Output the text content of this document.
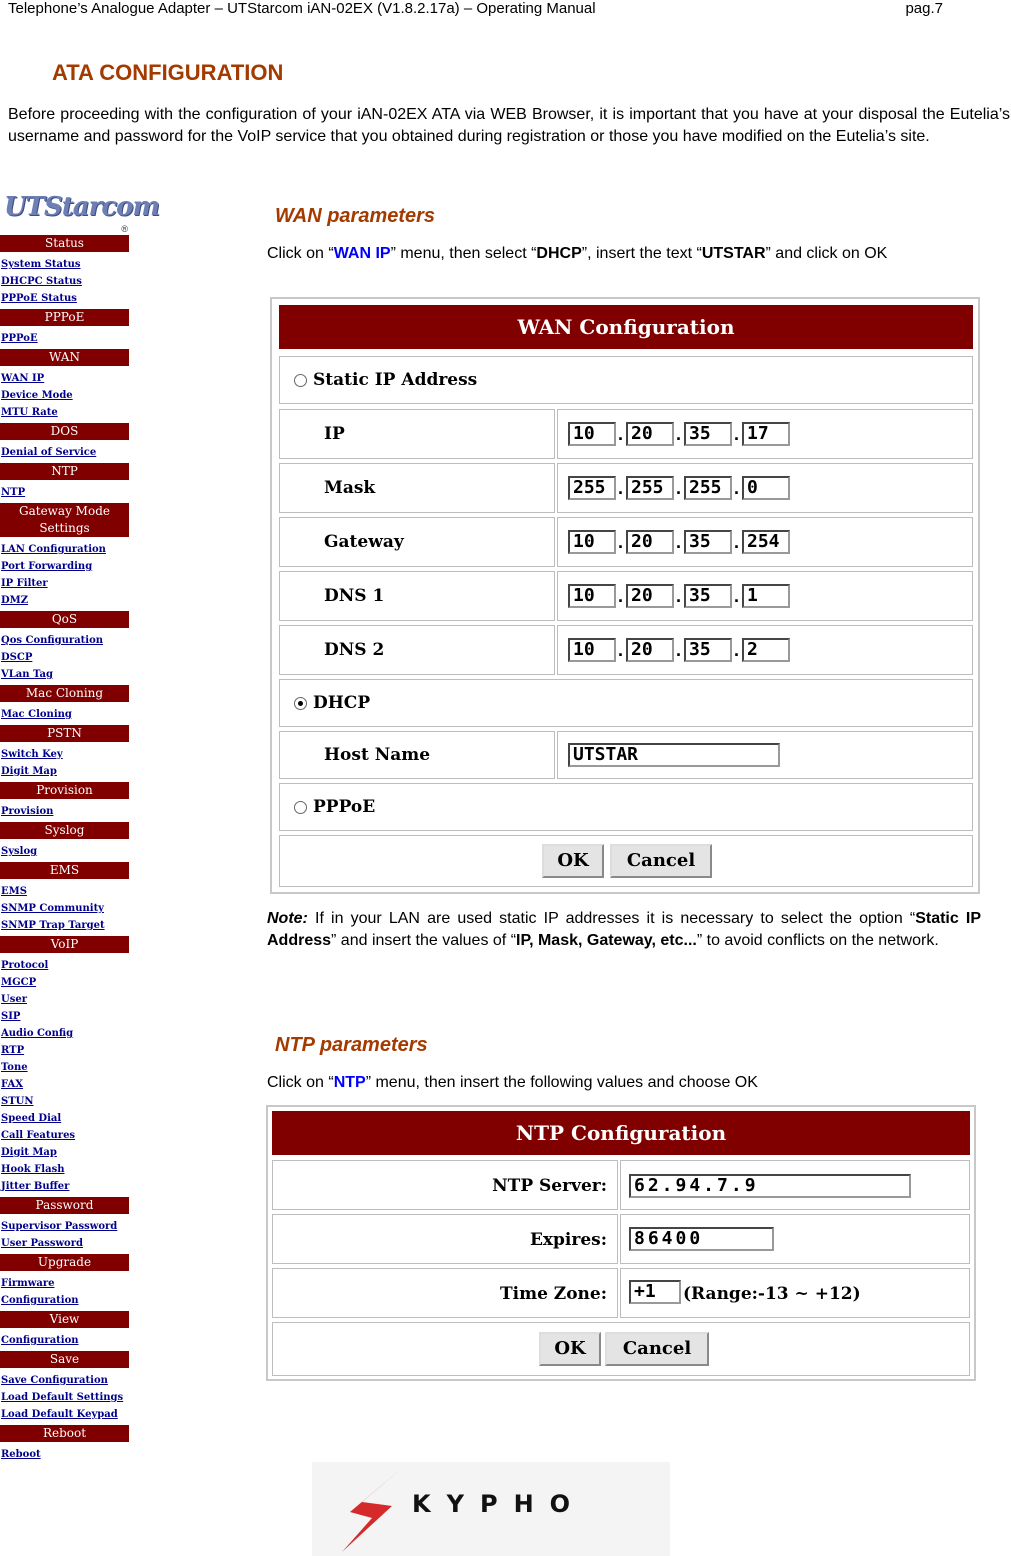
Telephone’s Analogue Adapter – UTStarcom iAN-02EX (V1.8.2.17a) – Operating Manual	pag.7
ATA CONFIGURATION
Before proceeding with the configuration of your iAN-02EX ATA via WEB Browser, it is important that you have at your disposal the Eutelia’s username and password for the VoIP service that you obtained during registration or those you have modified on the Eutelia’s site.
UTStarcom
®
Status
System Status
DHCPC Status
PPPoE Status
PPPoE
PPPoE
WAN
WAN IP
Device Mode
MTU Rate
DOS
Denial of Service
NTP
NTP
Gateway Mode Settings
LAN Configuration
Port Forwarding
IP Filter
DMZ
QoS
Qos Configuration
DSCP
VLan Tag
Mac Cloning
Mac Cloning
PSTN
Switch Key
Digit Map
Provision
Provision
Syslog
Syslog
EMS
EMS
SNMP Community
SNMP Trap Target
VoIP
Protocol
MGCP
User
SIP
Audio Config
RTP
Tone
FAX
STUN
Speed Dial
Call Features
Digit Map
Hook Flash
Jitter Buffer
Password
Supervisor Password
User Password
Upgrade
Firmware
Configuration
View
Configuration
Save
Save Configuration
Load Default Settings
Load Default Keypad
Reboot
Reboot
WAN parameters
Click on “WAN IP” menu, then select “DHCP”, insert the text “UTSTAR” and click on OK
WAN Configuration
Static IP Address
IP	10	. 20	. 35	. 17
Mask	255 . 255 . 255 . 0
Gateway	10	. 20	. 35	. 254
DNS 1	10	. 20	. 35	. 1
DNS 2	10	. 20	. 35	. 2
DHCP
Host Name	UTSTAR
PPPoE
OK	Cancel
Note: If in your LAN are used static IP addresses it is necessary to select the option “Static IP Address” and insert the values of “IP, Mask, Gateway, etc...” to avoid conflicts on the network.
NTP parameters
Click on “NTP” menu, then insert the following values and choose OK
NTP Configuration
NTP Server: 62.94.7.9
Expires: 86400
Time Zone: +1	(Range:-13 ~ +12)
OK	Cancel
KYPHO
